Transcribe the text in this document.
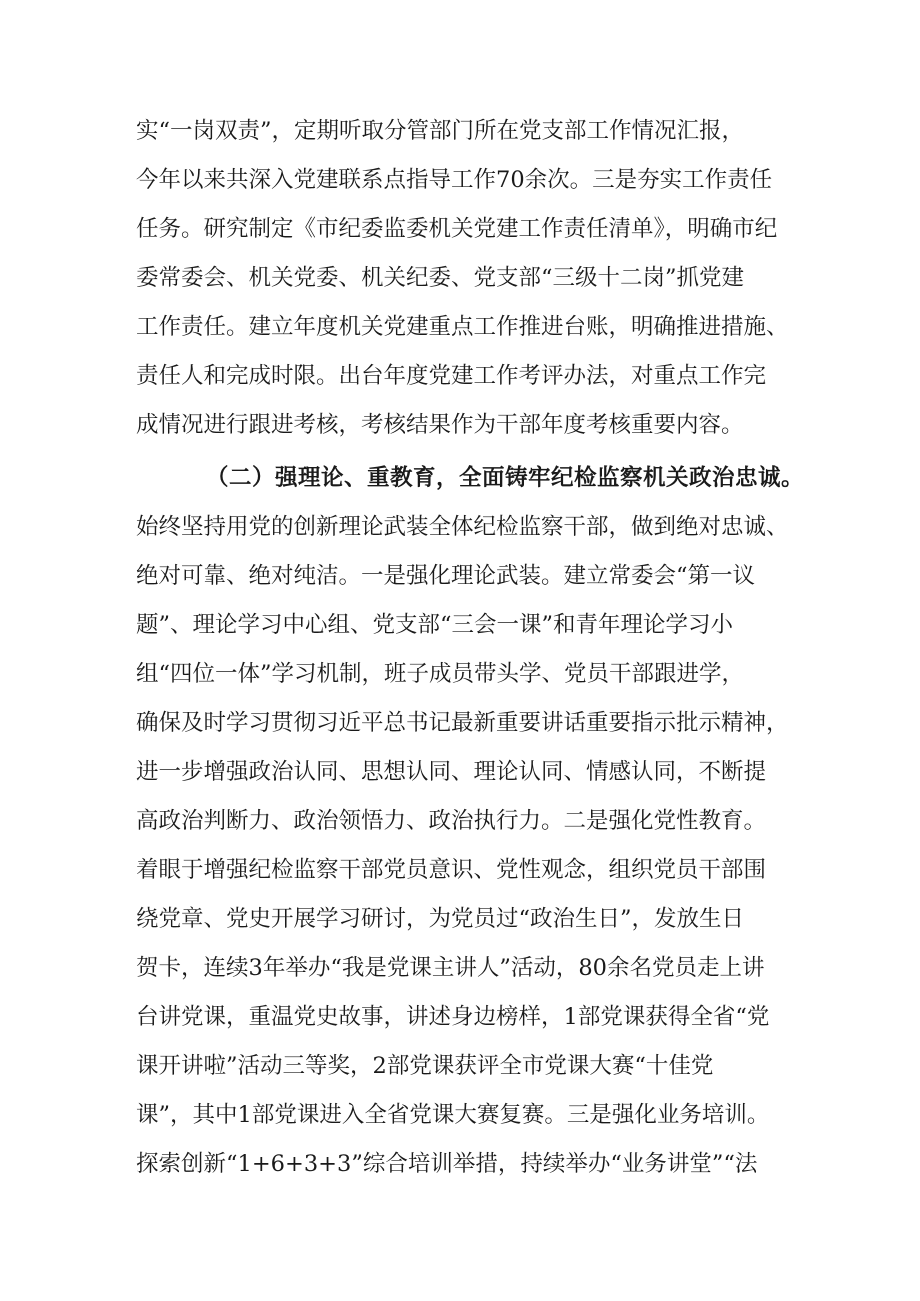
实“一岗双责”，定期听取分管部门所在党支部工作情况汇报，
今年以来共深入党建联系点指导工作70余次。三是夯实工作责任
任务。研究制定《市纪委监委机关党建工作责任清单》，明确市纪
委常委会、机关党委、机关纪委、党支部“三级十二岗”抓党建
工作责任。建立年度机关党建重点工作推进台账，明确推进措施、
责任人和完成时限。出台年度党建工作考评办法，对重点工作完
成情况进行跟进考核，考核结果作为干部年度考核重要内容。
（二）强理论、重教育，全面铸牢纪检监察机关政治忠诚。
始终坚持用党的创新理论武装全体纪检监察干部，做到绝对忠诚、
绝对可靠、绝对纯洁。一是强化理论武装。建立常委会“第一议
题”、理论学习中心组、党支部“三会一课”和青年理论学习小
组“四位一体”学习机制，班子成员带头学、党员干部跟进学，
确保及时学习贯彻习近平总书记最新重要讲话重要指示批示精神，
进一步增强政治认同、思想认同、理论认同、情感认同，不断提
高政治判断力、政治领悟力、政治执行力。二是强化党性教育。
着眼于增强纪检监察干部党员意识、党性观念，组织党员干部围
绕党章、党史开展学习研讨，为党员过“政治生日”，发放生日
贺卡，连续3年举办“我是党课主讲人”活动，80余名党员走上讲
台讲党课，重温党史故事，讲述身边榜样，1部党课获得全省“党
课开讲啦”活动三等奖，2部党课获评全市党课大赛“十佳党
课”，其中1部党课进入全省党课大赛复赛。三是强化业务培训。
探索创新“1+6+3+3”综合培训举措，持续举办“业务讲堂”“法
